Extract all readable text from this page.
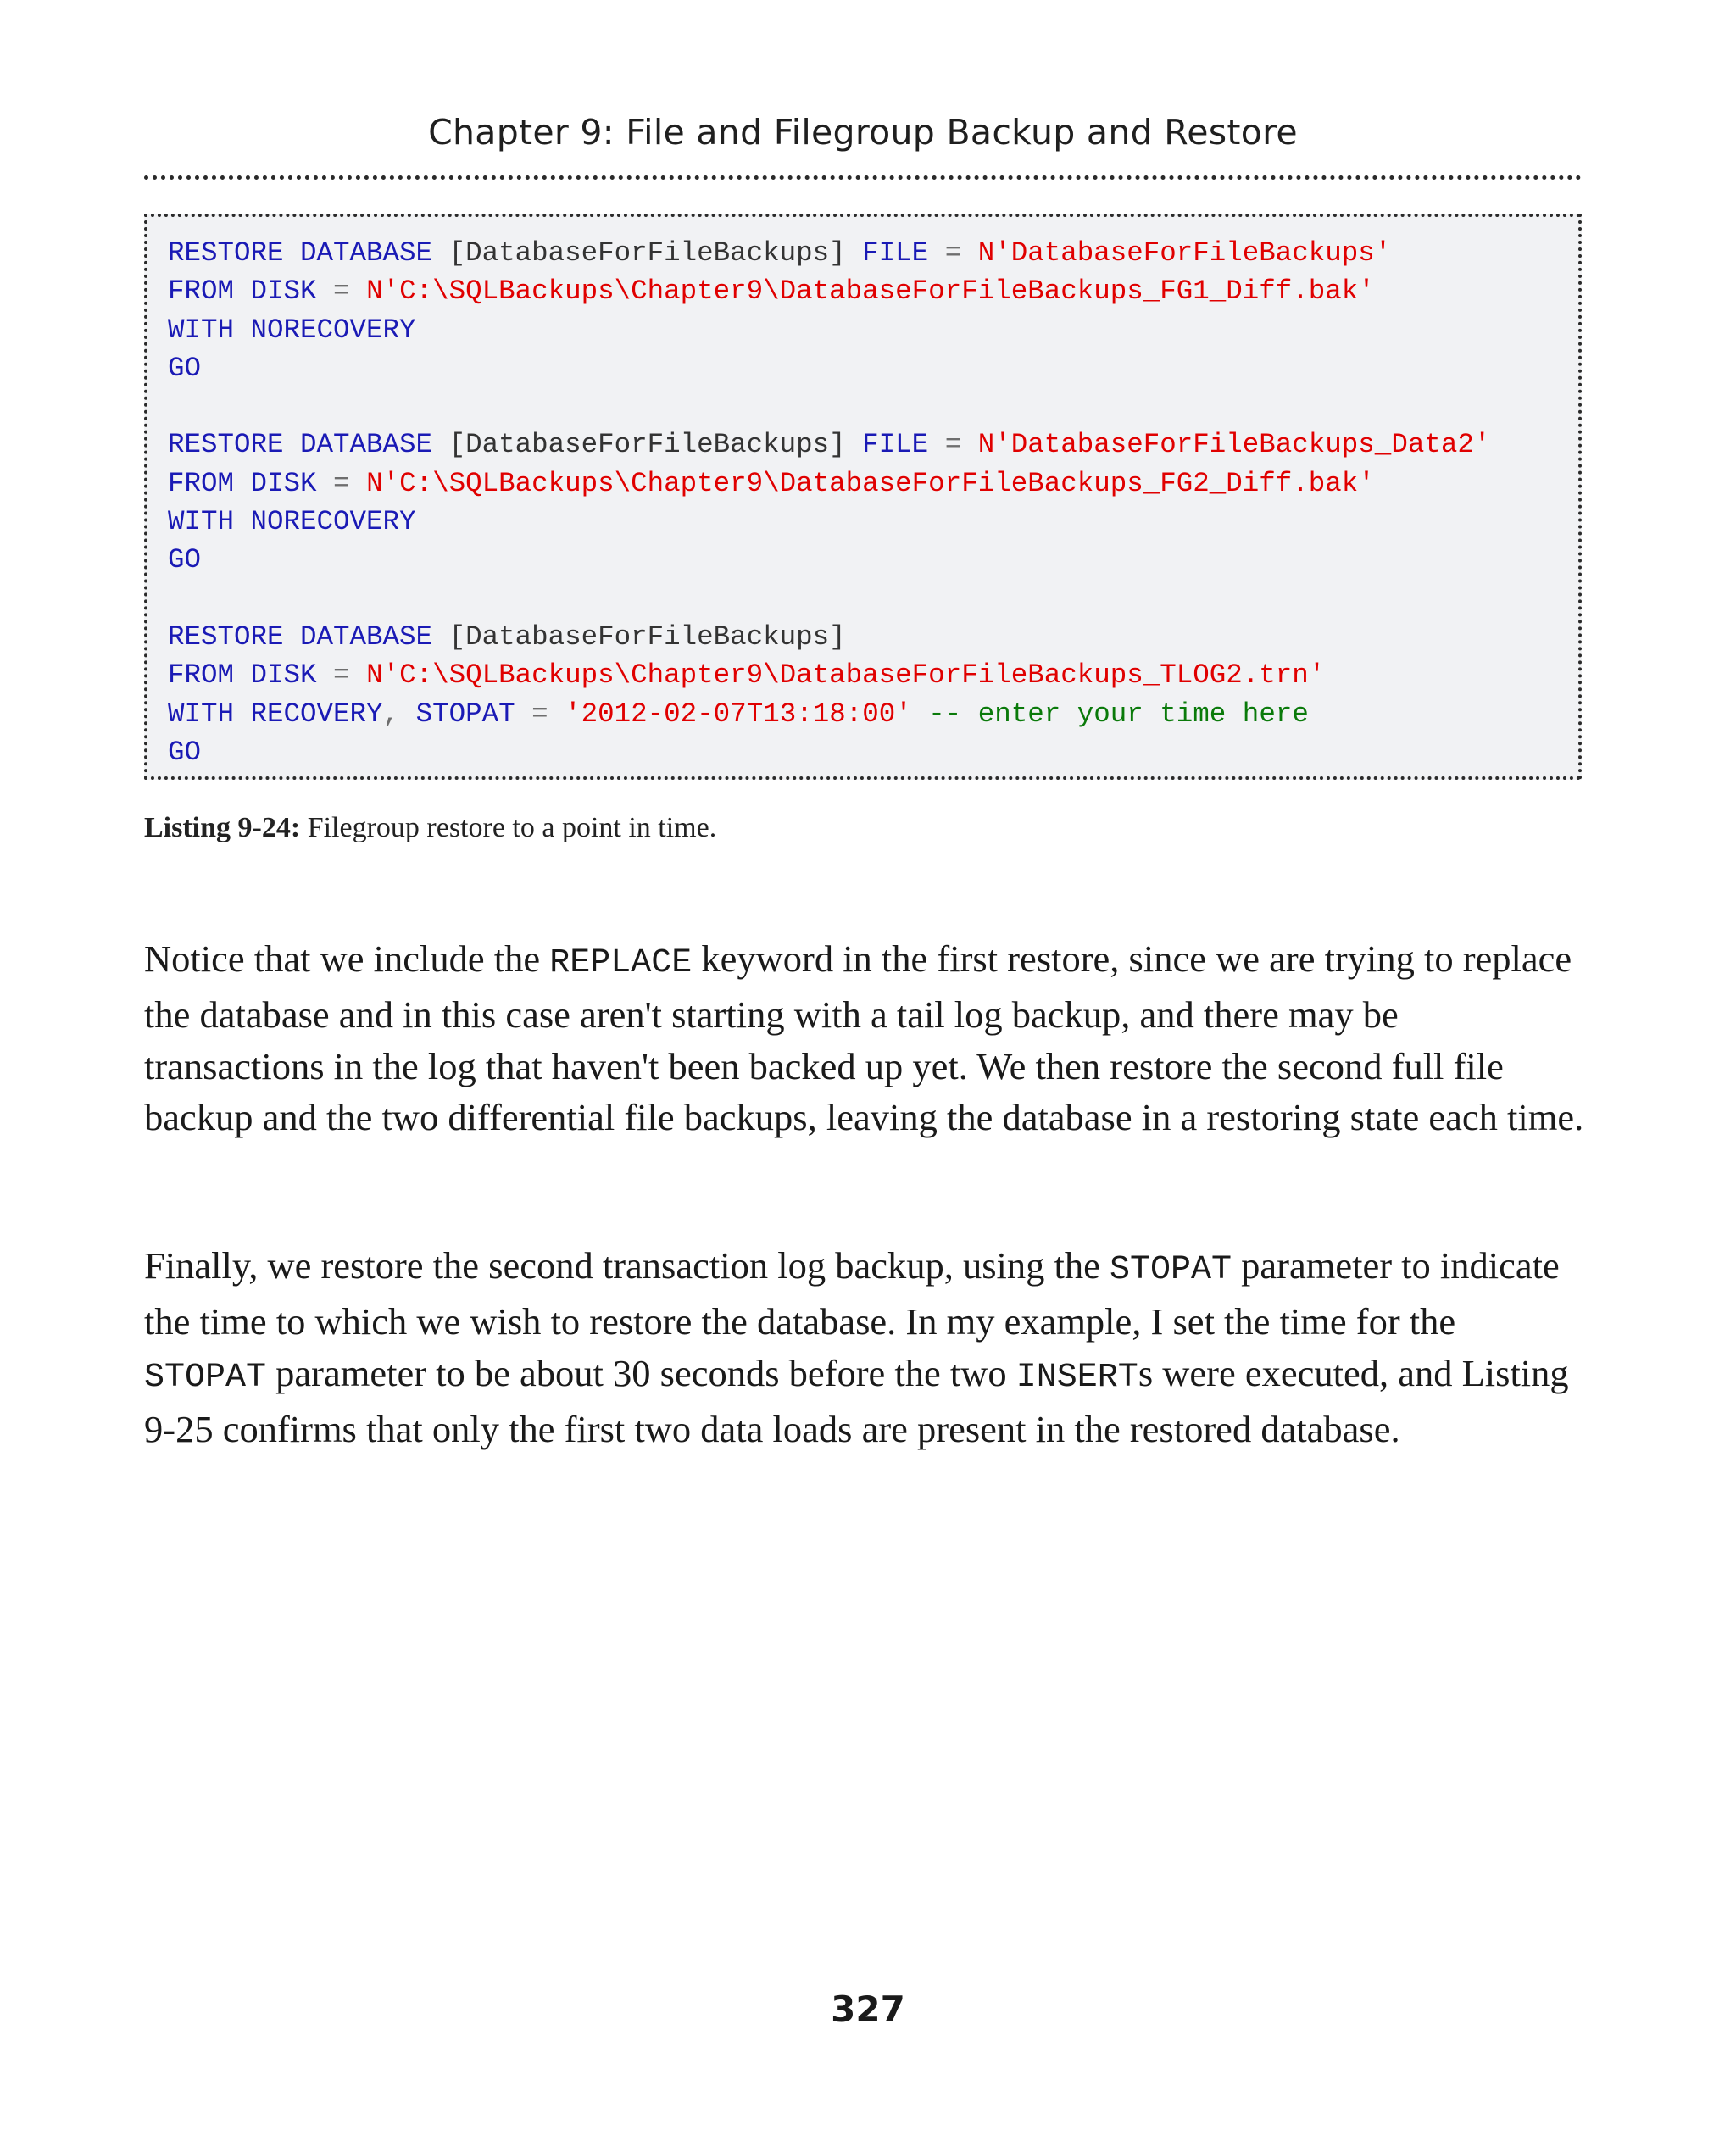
Chapter 9: File and Filegroup Backup and Restore
RESTORE DATABASE [DatabaseForFileBackups] FILE = N'DatabaseForFileBackups'
FROM DISK = N'C:\SQLBackups\Chapter9\DatabaseForFileBackups_FG1_Diff.bak'
WITH NORECOVERY
GO
RESTORE DATABASE [DatabaseForFileBackups] FILE = N'DatabaseForFileBackups_Data2'
FROM DISK = N'C:\SQLBackups\Chapter9\DatabaseForFileBackups_FG2_Diff.bak'
WITH NORECOVERY
GO
RESTORE DATABASE [DatabaseForFileBackups]
FROM DISK = N'C:\SQLBackups\Chapter9\DatabaseForFileBackups_TLOG2.trn'
WITH RECOVERY, STOPAT = '2012-02-07T13:18:00' -- enter your time here
GO
Listing 9-24: Filegroup restore to a point in time.
Notice that we include the REPLACE keyword in the first restore, since we are trying to replace the database and in this case aren't starting with a tail log backup, and there may be transactions in the log that haven't been backed up yet. We then restore the second full file backup and the two differential file backups, leaving the database in a restoring state each time.
Finally, we restore the second transaction log backup, using the STOPAT parameter to indicate the time to which we wish to restore the database. In my example, I set the time for the STOPAT parameter to be about 30 seconds before the two INSERTs were executed, and Listing 9-25 confirms that only the first two data loads are present in the restored database.
327
